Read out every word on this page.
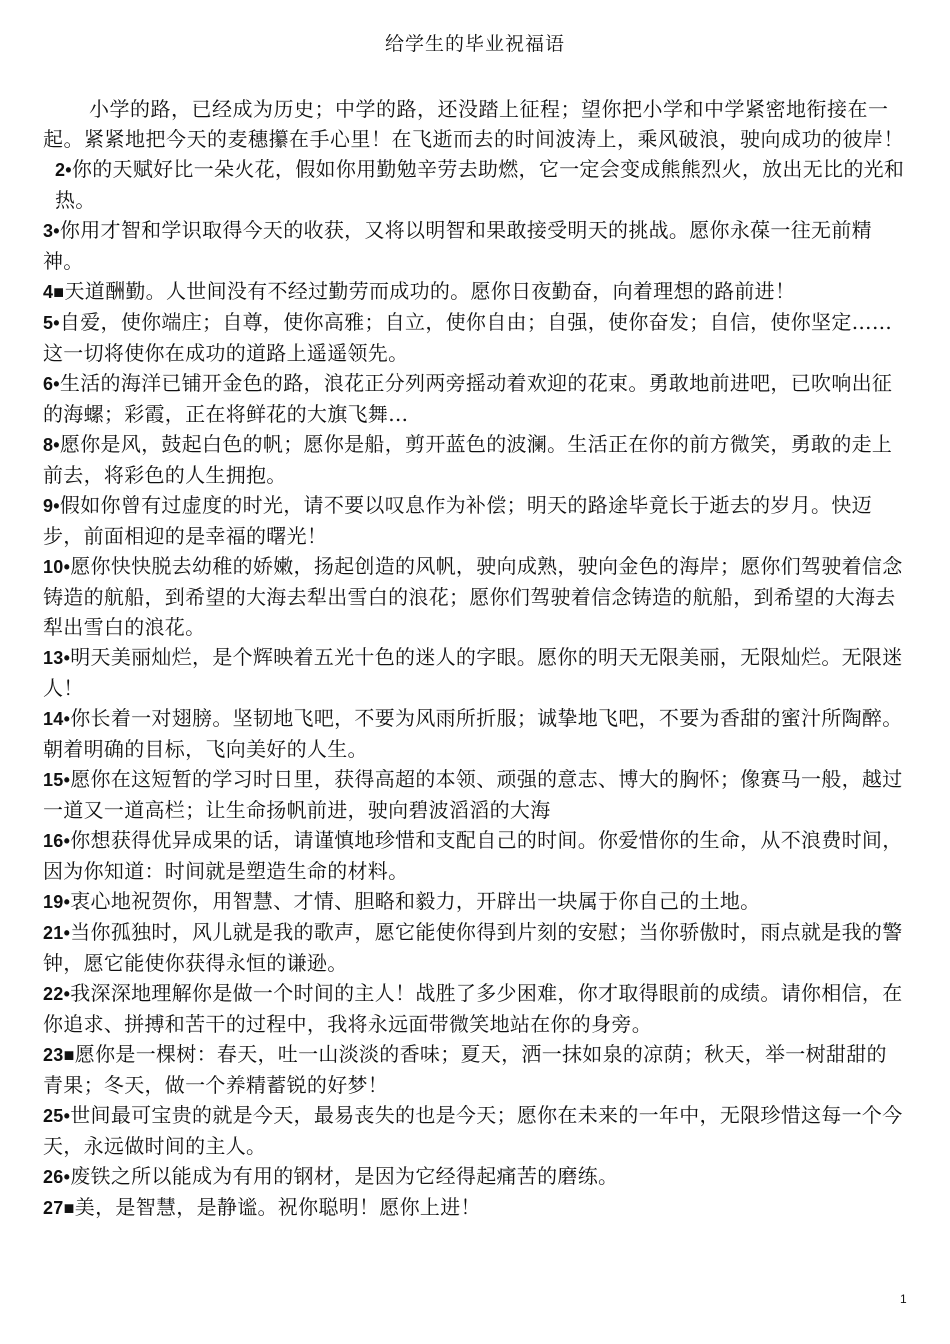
给学生的毕业祝福语

小学的路，已经成为历史；中学的路，还没踏上征程；望你把小学和中学紧密地衔接在一起。紧紧地把今天的麦穗攥在手心里！在飞逝而去的时间波涛上，乘风破浪，驶向成功的彼岸！

2•你的天赋好比一朵火花，假如你用勤勉辛劳去助燃，它一定会变成熊熊烈火，放出无比的光和热。

3•你用才智和学识取得今天的收获，又将以明智和果敢接受明天的挑战。愿你永葆一往无前精神。

4■天道酬勤。人世间没有不经过勤劳而成功的。愿你日夜勤奋，向着理想的路前进！

5•自爱，使你端庄；自尊，使你高雅；自立，使你自由；自强，使你奋发；自信，使你坚定……这一切将使你在成功的道路上遥遥领先。

6•生活的海洋已铺开金色的路，浪花正分列两旁摇动着欢迎的花束。勇敢地前进吧，已吹响出征的海螺；彩霞，正在将鲜花的大旗飞舞…

8•愿你是风，鼓起白色的帆；愿你是船，剪开蓝色的波澜。生活正在你的前方微笑，勇敢的走上前去，将彩色的人生拥抱。

9•假如你曾有过虚度的时光，请不要以叹息作为补偿；明天的路途毕竟长于逝去的岁月。快迈步，前面相迎的是幸福的曙光！

10•愿你快快脱去幼稚的娇嫩，扬起创造的风帆，驶向成熟，驶向金色的海岸；愿你们驾驶着信念铸造的航船，到希望的大海去犁出雪白的浪花；愿你们驾驶着信念铸造的航船，到希望的大海去犁出雪白的浪花。

13•明天美丽灿烂，是个辉映着五光十色的迷人的字眼。愿你的明天无限美丽，无限灿烂。无限迷人！

14•你长着一对翅膀。坚韧地飞吧，不要为风雨所折服；诚挚地飞吧，不要为香甜的蜜汁所陶醉。朝着明确的目标，飞向美好的人生。

15•愿你在这短暂的学习时日里，获得高超的本领、顽强的意志、博大的胸怀；像赛马一般，越过一道又一道高栏；让生命扬帆前进，驶向碧波滔滔的大海

16•你想获得优异成果的话，请谨慎地珍惜和支配自己的时间。你爱惜你的生命，从不浪费时间，因为你知道：时间就是塑造生命的材料。

19•衷心地祝贺你，用智慧、才情、胆略和毅力，开辟出一块属于你自己的土地。

21•当你孤独时，风儿就是我的歌声，愿它能使你得到片刻的安慰；当你骄傲时，雨点就是我的警钟，愿它能使你获得永恒的谦逊。

22•我深深地理解你是做一个时间的主人！战胜了多少困难，你才取得眼前的成绩。请你相信，在你追求、拼搏和苦干的过程中，我将永远面带微笑地站在你的身旁。

23■愿你是一棵树：春天，吐一山淡淡的香味；夏天，洒一抹如泉的凉荫；秋天，举一树甜甜的青果；冬天，做一个养精蓄锐的好梦！

25•世间最可宝贵的就是今天，最易丧失的也是今天；愿你在未来的一年中，无限珍惜这每一个今天，永远做时间的主人。

26•废铁之所以能成为有用的钢材，是因为它经得起痛苦的磨练。

27■美，是智慧，是静谧。祝你聪明！愿你上进！

1
